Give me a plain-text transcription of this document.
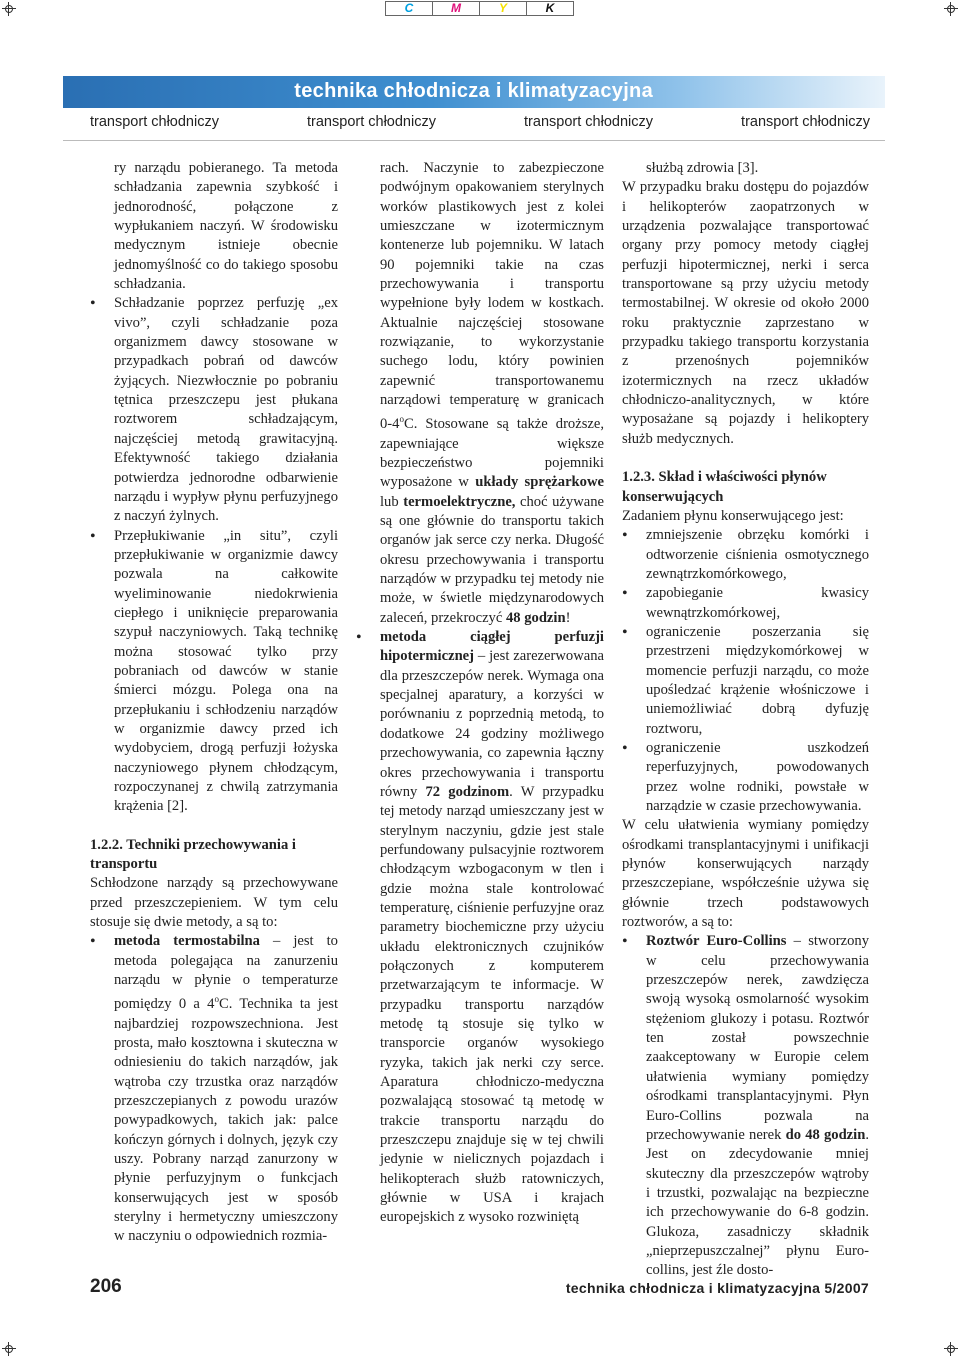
C	M	Y	K
technika chłodnicza i klimatyzacyjna
transport chłodniczy	transport chłodniczy	transport chłodniczy	transport chłodniczy

ry narządu pobieranego. Ta metoda schładzania zapewnia szybkość i jednorodność, połączone z wypłukaniem naczyń. W środowisku medycznym istnieje obecnie jednomyślność co do takiego sposobu schładzania.

• Schładzanie poprzez perfuzję „ex vivo”, czyli schładzanie poza organizmem dawcy stosowane w przypadkach pobrań od dawców żyjących. Niezwłocznie po pobraniu tętnica przeszczepu jest płukana roztworem schładzającym, najczęściej metodą grawitacyjną. Efektywność takiego działania potwierdza jednorodne odbarwienie narządu i wypływ płynu perfuzyjnego z naczyń żylnych.
• Przepłukiwanie „in situ”, czyli przepłukiwanie w organizmie dawcy pozwala na całkowite wyeliminowanie niedokrwienia ciepłego i uniknięcie preparowania szypuł naczyniowych. Taką technikę można stosować tylko przy pobraniach od dawców w stanie śmierci mózgu. Polega ona na przepłukaniu i schłodzeniu narządów w organizmie dawcy przed ich wydobyciem, drogą perfuzji łożyska naczyniowego płynem chłodzącym, rozpoczynanej z chwilą zatrzymania krążenia [2].

1.2.2. Techniki przechowywania i transportu

Schłodzone narządy są przechowywane przed przeszczepieniem. W tym celu stosuje się dwie metody, a są to:

• metoda termostabilna – jest to metoda polegająca na zanurzeniu narządu w płynie o temperaturze pomiędzy 0 a 4$^o$C. Technika ta jest najbardziej rozpowszechniona. Jest prosta, mało kosztowna i skuteczna w odniesieniu do takich narządów, jak wątroba czy trzustka oraz narządów przeszczepianych z powodu urazów powypadkowych, takich jak: palce kończyn górnych i dolnych, język czy uszy. Pobrany narząd zanurzony w płynie perfuzyjnym o funkcjach konserwujących jest w sposób sterylny i hermetyczny umieszczony w naczyniu o odpowiednich rozmia-

rach. Naczynie to zabezpieczone podwójnym opakowaniem sterylnych worków plastikowych jest z kolei umieszczane w izotermicznym kontenerze lub pojemniku. W latach 90 pojemniki takie na czas przechowywania i transportu wypełnione były lodem w kostkach. Aktualnie najczęściej stosowane rozwiązanie, to wykorzystanie suchego lodu, który powinien zapewnić transportowanemu narządowi temperaturę w granicach 0-4$^o$C. Stosowane są także droższe, zapewniające większe bezpieczeństwo pojemniki wyposażone w układy sprężarkowe lub termoelektryczne, choć używane są one głównie do transportu takich organów jak serce czy nerka. Długość okresu przechowywania i transportu narządów w przypadku tej metody nie może, w świetle międzynarodowych zaleceń, przekroczyć 48 godzin!

• metoda ciągłej perfuzji hipotermicznej – jest zarezerwowana dla przeszczepów nerek. Wymaga ona specjalnej aparatury, a korzyści w porównaniu z poprzednią metodą, to dodatkowe 24 godziny możliwego przechowywania, co zapewnia łączny okres przechowywania i transportu równy 72 godzinom. W przypadku tej metody narząd umieszczany jest w sterylnym naczyniu, gdzie jest stale perfundowany pulsacyjnie roztworem chłodzącym wzbogaconym w tlen i gdzie można stale kontrolować temperaturę, ciśnienie perfuzyjne oraz parametry biochemiczne przy użyciu układu elektronicznych czujników połączonych z komputerem przetwarzającym te informacje. W przypadku transportu narządów metodę tą stosuje się tylko w transporcie organów wysokiego ryzyka, takich jak nerki czy serce. Aparatura chłodniczo-medyczna pozwalającą stosować tą metodę w trakcie transportu narządu do przeszczepu znajduje się w tej chwili jedynie w nielicznych pojazdach i helikopterach służb ratowniczych, głównie w USA i krajach europejskich z wysoko rozwiniętą

służbą zdrowia [3].

W przypadku braku dostępu do pojazdów i helikopterów zaopatrzonych w urządzenia pozwalające transportować organy przy pomocy metody ciągłej perfuzji hipotermicznej, nerki i serca transportowane są przy użyciu metody termostabilnej. W okresie od około 2000 roku praktycznie zaprzestano w przypadku takiego transportu korzystania z przenośnych pojemników izotermicznych na rzecz układów chłodniczo-analitycznych, w które wyposażane są pojazdy i helikoptery służb medycznych.

1.2.3. Skład i właściwości płynów konserwujących

Zadaniem płynu konserwującego jest:

• zmniejszenie obrzęku komórki i odtworzenie ciśnienia osmotycznego zewnątrzkomórkowego,
• zapobieganie kwasicy wewnątrzkomórkowej,
• ograniczenie poszerzania się przestrzeni międzykomórkowej w momencie perfuzji narządu, co może upośledzać krążenie włośniczowe i uniemożliwiać dobrą dyfuzję roztworu,
• ograniczenie uszkodzeń reperfuzyjnych, powodowanych przez wolne rodniki, powstałe w narządzie w czasie przechowywania.

W celu ułatwienia wymiany pomiędzy ośrodkami transplantacyjnymi i unifikacji płynów konserwujących narządy przeszczepiane, współcześnie używa się głównie trzech podstawowych roztworów, a są to:

• Roztwór Euro-Collins – stworzony w celu przechowywania przeszczepów nerek, zawdzięcza swoją wysoką osmolarność wysokim stężeniom glukozy i potasu. Roztwór ten został powszechnie zaakceptowany w Europie celem ułatwienia wymiany pomiędzy ośrodkami transplantacyjnymi. Płyn Euro-Collins pozwala na przechowywanie nerek do 48 godzin. Jest on zdecydowanie mniej skuteczny dla przeszczepów wątroby i trzustki, pozwalając na bezpieczne ich przechowywanie do 6-8 godzin. Glukoza, zasadniczy składnik „nieprzepuszczalnej” płynu Euro-collins, jest źle dosto-
206	technika chłodnicza i klimatyzacyjna 5/2007
